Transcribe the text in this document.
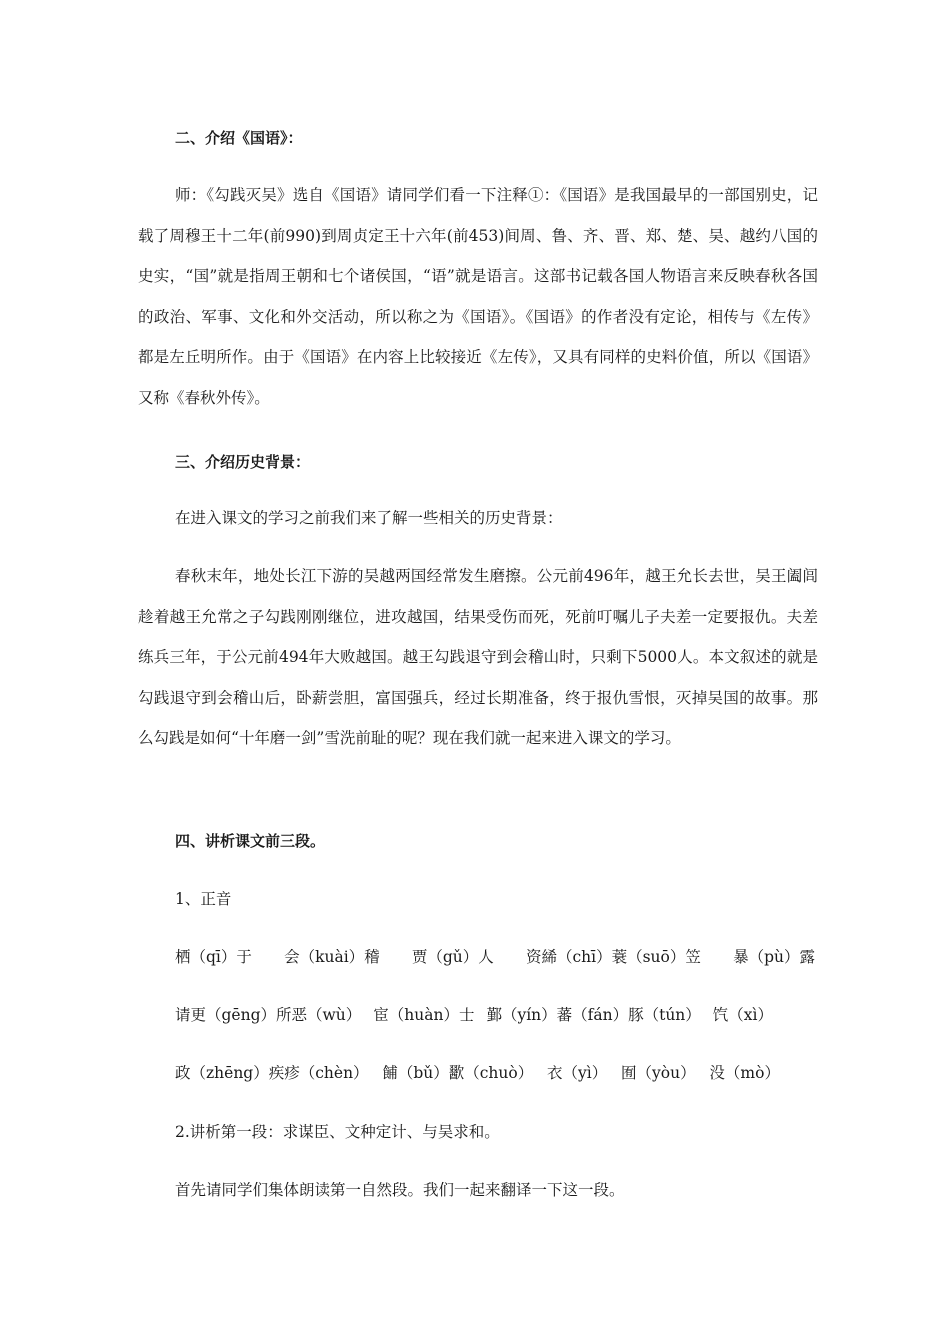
二、介绍《国语》：
师：《勾践灭吴》选自《国语》请同学们看一下注释①：《国语》是我国最早的一部国别史，记载了周穆王十二年(前990)到周贞定王十六年(前453)间周、鲁、齐、晋、郑、楚、吴、越约八国的史实，“国”就是指周王朝和七个诸侯国，“语”就是语言。这部书记载各国人物语言来反映春秋各国的政治、军事、文化和外交活动，所以称之为《国语》。《国语》的作者没有定论，相传与《左传》都是左丘明所作。由于《国语》在内容上比较接近《左传》，又具有同样的史料价值，所以《国语》又称《春秋外传》。
三、介绍历史背景：
在进入课文的学习之前我们来了解一些相关的历史背景：
春秋末年，地处长江下游的吴越两国经常发生磨擦。公元前496年，越王允长去世，吴王阖闾趁着越王允常之子勾践刚刚继位，进攻越国，结果受伤而死，死前叮嘱儿子夫差一定要报仇。夫差练兵三年，于公元前494年大败越国。越王勾践退守到会稽山时，只剩下5000人。本文叙述的就是勾践退守到会稽山后，卧薪尝胆，富国强兵，经过长期准备，终于报仇雪恨，灭掉吴国的故事。那么勾践是如何“十年磨一剑”雪洗前耻的呢？现在我们就一起来进入课文的学习。
四、讲析课文前三段。
1、正音
栖（qī）于 会（kuài）稽 贾（gǔ）人 资絺（chī）蓑（suō）笠 暴（pù）露
请更（gēng）所恶（wù） 宦（huàn）士 鄞（yín）蕃（fán）豚（tún） 饩（xì）
政（zhēng）疾疹（chèn） 餔（bǔ）歠（chuò） 衣（yì） 囿（yòu） 没（mò）
2.讲析第一段：求谋臣、文种定计、与吴求和。
首先请同学们集体朗读第一自然段。我们一起来翻译一下这一段。
